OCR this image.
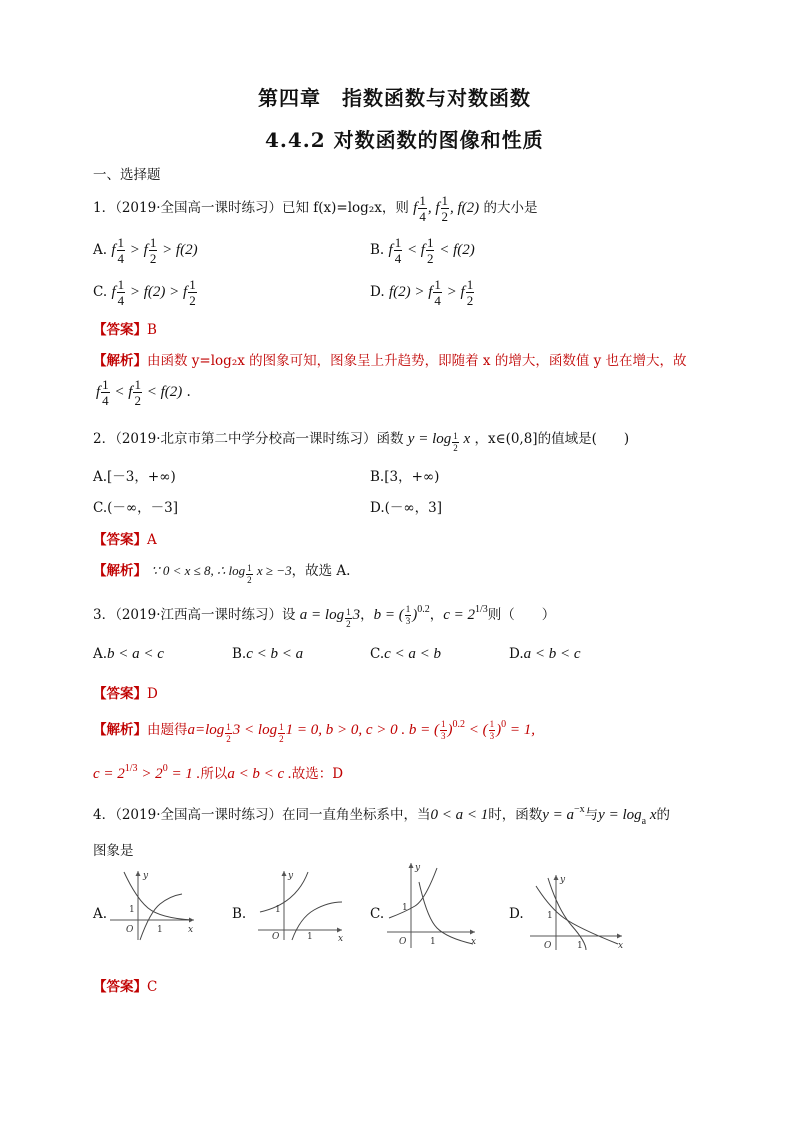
第四章　指数函数与对数函数
4.4.2 对数函数的图像和性质
一、选择题
1．（2019·全国高一课时练习）已知 f(x)=log₂x，则 f $\frac{1}{4}$ , f $\frac{1}{2}$ , f(2) 的大小是
A. f $\frac{1}{4} > f \frac{1}{2} > f(2)$	B. f $\frac{1}{4} < f \frac{1}{2} < f(2)$
C. f $\frac{1}{4} > f(2) > f \frac{1}{2}$	D. f(2) > f $\frac{1}{4} > f \frac{1}{2}$
【答案】B
【解析】由函数 y=log₂x 的图象可知，图象呈上升趋势，即随着 x 的增大，函数值 y 也在增大，故
f $\frac{1}{4} < f \frac{1}{2} < f(2)$ .
2．（2019·北京市第二中学分校高一课时练习）函数 $y = \log \frac{1}{2}$ x ，x∈(0,8]的值域是(　　)
A.[－3，+∞)	B.[3，+∞)
C.(－∞，－3]	D.(－∞，3]
【答案】A
【解析】 ∵ 0 < x ≤ 8, ∴ $\log \frac{1}{2}$ x ≥ −3，故选 A.
3．（2019·江西高一课时练习）设 $a = \log \frac{1}{2} 3$，b = ( $\frac{1}{3} )^{0.2}$，$c = 2^{1/3}$则（　　）
A.b < a < c	B.c < b < a	C.c < a < b	D.a < b < c
【答案】D
【解析】由题得$a=\log \frac{1}{2} 3 < \log \frac{1}{2} 1 = 0$, b > 0, c > 0 . b = ( $\frac{1}{3} )^{0.2}$ < ( $\frac{1}{3} )^0 = 1$,
$c = 2^{1/3} > 2^0 = 1$ .所以a < b < c .故选：D
4．（2019·全国高一课时练习）在同一直角坐标系中，当0 < a < 1时，函数$y = a^{-x}$与$y = \log_a x$的
图象是
A.	B.	C.	D.
y
x
1
1
O
y
x
1
1
O
y
x
1
1
O
y
x
1
1
O
【答案】C
